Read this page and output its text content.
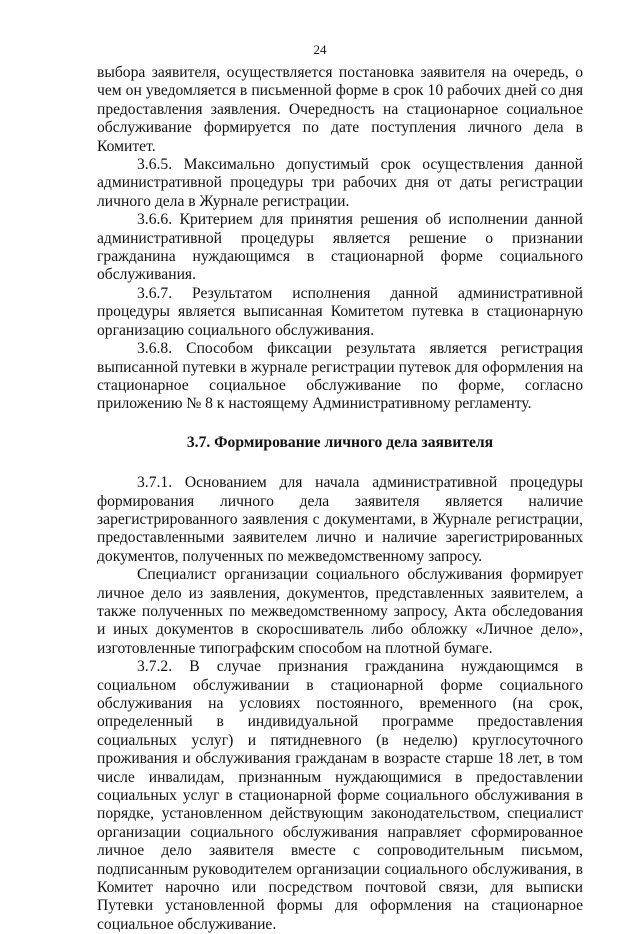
24

выбора заявителя, осуществляется постановка заявителя на очередь, о чем он уведомляется в письменной форме в срок 10 рабочих дней со дня предоставления заявления. Очередность на стационарное социальное обслуживание формируется по дате поступления личного дела в Комитет.

3.6.5. Максимально допустимый срок осуществления данной административной процедуры три рабочих дня от даты регистрации личного дела в Журнале регистрации.

3.6.6. Критерием для принятия решения об исполнении данной административной процедуры является решение о признании гражданина нуждающимся в стационарной форме социального обслуживания.

3.6.7. Результатом исполнения данной административной процедуры является выписанная Комитетом путевка в стационарную организацию социального обслуживания.

3.6.8. Способом фиксации результата является регистрация выписанной путевки в журнале регистрации путевок для оформления на стационарное социальное обслуживание по форме, согласно приложению № 8 к настоящему Административному регламенту.

3.7. Формирование личного дела заявителя

3.7.1. Основанием для начала административной процедуры формирования личного дела заявителя является наличие зарегистрированного заявления с документами, в Журнале регистрации, предоставленными заявителем лично и наличие зарегистрированных документов, полученных по межведомственному запросу.

Специалист организации социального обслуживания формирует личное дело из заявления, документов, представленных заявителем, а также полученных по межведомственному запросу, Акта обследования и иных документов в скоросшиватель либо обложку «Личное дело», изготовленные типографским способом на плотной бумаге.

3.7.2. В случае признания гражданина нуждающимся в социальном обслуживании в стационарной форме социального обслуживания на условиях постоянного, временного (на срок, определенный в индивидуальной программе предоставления социальных услуг) и пятидневного (в неделю) круглосуточного проживания и обслуживания гражданам в возрасте старше 18 лет, в том числе инвалидам, признанным нуждающимися в предоставлении социальных услуг в стационарной форме социального обслуживания в порядке, установленном действующим законодательством, специалист организации социального обслуживания направляет сформированное личное дело заявителя вместе с сопроводительным письмом, подписанным руководителем организации социального обслуживания, в Комитет нарочно или посредством почтовой связи, для выписки Путевки установленной формы для оформления на стационарное социальное обслуживание.
